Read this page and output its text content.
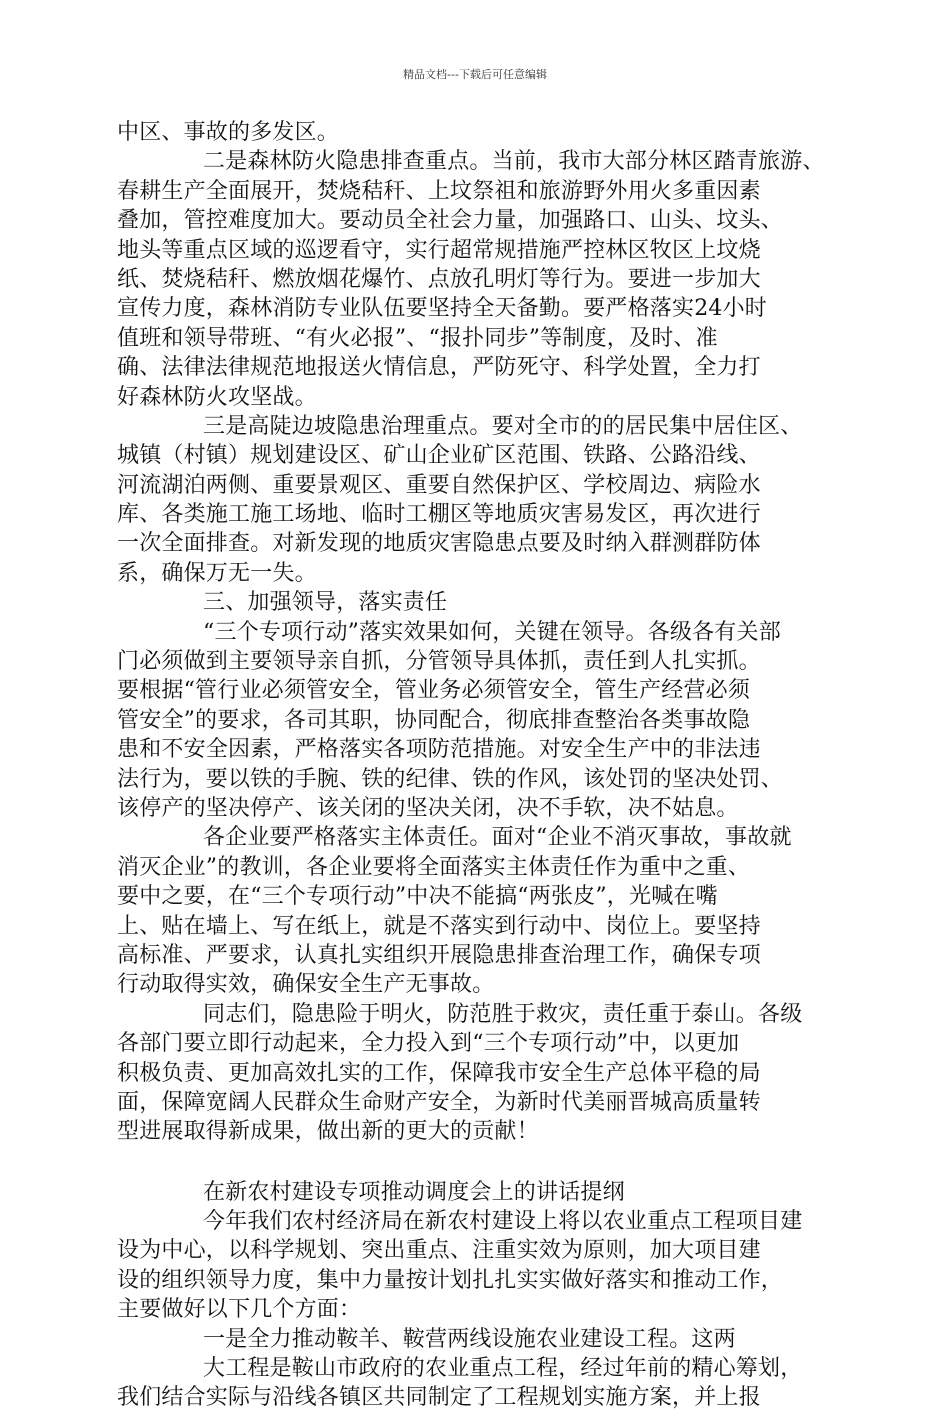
精品文档---下载后可任意编辑
中区、事故的多发区。
二是森林防火隐患排查重点。当前，我市大部分林区踏青旅游、
春耕生产全面展开，焚烧秸秆、上坟祭祖和旅游野外用火多重因素
叠加，管控难度加大。要动员全社会力量，加强路口、山头、坟头、
地头等重点区域的巡逻看守，实行超常规措施严控林区牧区上坟烧
纸、焚烧秸秆、燃放烟花爆竹、点放孔明灯等行为。要进一步加大
宣传力度，森林消防专业队伍要坚持全天备勤。要严格落实24小时
值班和领导带班、“有火必报”、“报扑同步”等制度，及时、准
确、法律法律规范地报送火情信息，严防死守、科学处置，全力打
好森林防火攻坚战。
三是高陡边坡隐患治理重点。要对全市的的居民集中居住区、
城镇（村镇）规划建设区、矿山企业矿区范围、铁路、公路沿线、
河流湖泊两侧、重要景观区、重要自然保护区、学校周边、病险水
库、各类施工施工场地、临时工棚区等地质灾害易发区，再次进行
一次全面排查。对新发现的地质灾害隐患点要及时纳入群测群防体
系，确保万无一失。
三、加强领导，落实责任
“三个专项行动”落实效果如何，关键在领导。各级各有关部
门必须做到主要领导亲自抓，分管领导具体抓，责任到人扎实抓。
要根据“管行业必须管安全，管业务必须管安全，管生产经营必须
管安全”的要求，各司其职，协同配合，彻底排查整治各类事故隐
患和不安全因素，严格落实各项防范措施。对安全生产中的非法违
法行为，要以铁的手腕、铁的纪律、铁的作风，该处罚的坚决处罚、
该停产的坚决停产、该关闭的坚决关闭，决不手软，决不姑息。
各企业要严格落实主体责任。面对“企业不消灭事故，事故就
消灭企业”的教训，各企业要将全面落实主体责任作为重中之重、
要中之要，在“三个专项行动”中决不能搞“两张皮”，光喊在嘴
上、贴在墙上、写在纸上，就是不落实到行动中、岗位上。要坚持
高标准、严要求，认真扎实组织开展隐患排查治理工作，确保专项
行动取得实效，确保安全生产无事故。
同志们，隐患险于明火，防范胜于救灾，责任重于泰山。各级
各部门要立即行动起来，全力投入到“三个专项行动”中，以更加
积极负责、更加高效扎实的工作，保障我市安全生产总体平稳的局
面，保障宽阔人民群众生命财产安全，为新时代美丽晋城高质量转
型进展取得新成果，做出新的更大的贡献！
在新农村建设专项推动调度会上的讲话提纲
今年我们农村经济局在新农村建设上将以农业重点工程项目建
设为中心，以科学规划、突出重点、注重实效为原则，加大项目建
设的组织领导力度，集中力量按计划扎扎实实做好落实和推动工作，
主要做好以下几个方面：
一是全力推动鞍羊、鞍营两线设施农业建设工程。这两
大工程是鞍山市政府的农业重点工程，经过年前的精心筹划，
我们结合实际与沿线各镇区共同制定了工程规划实施方案，并上报
